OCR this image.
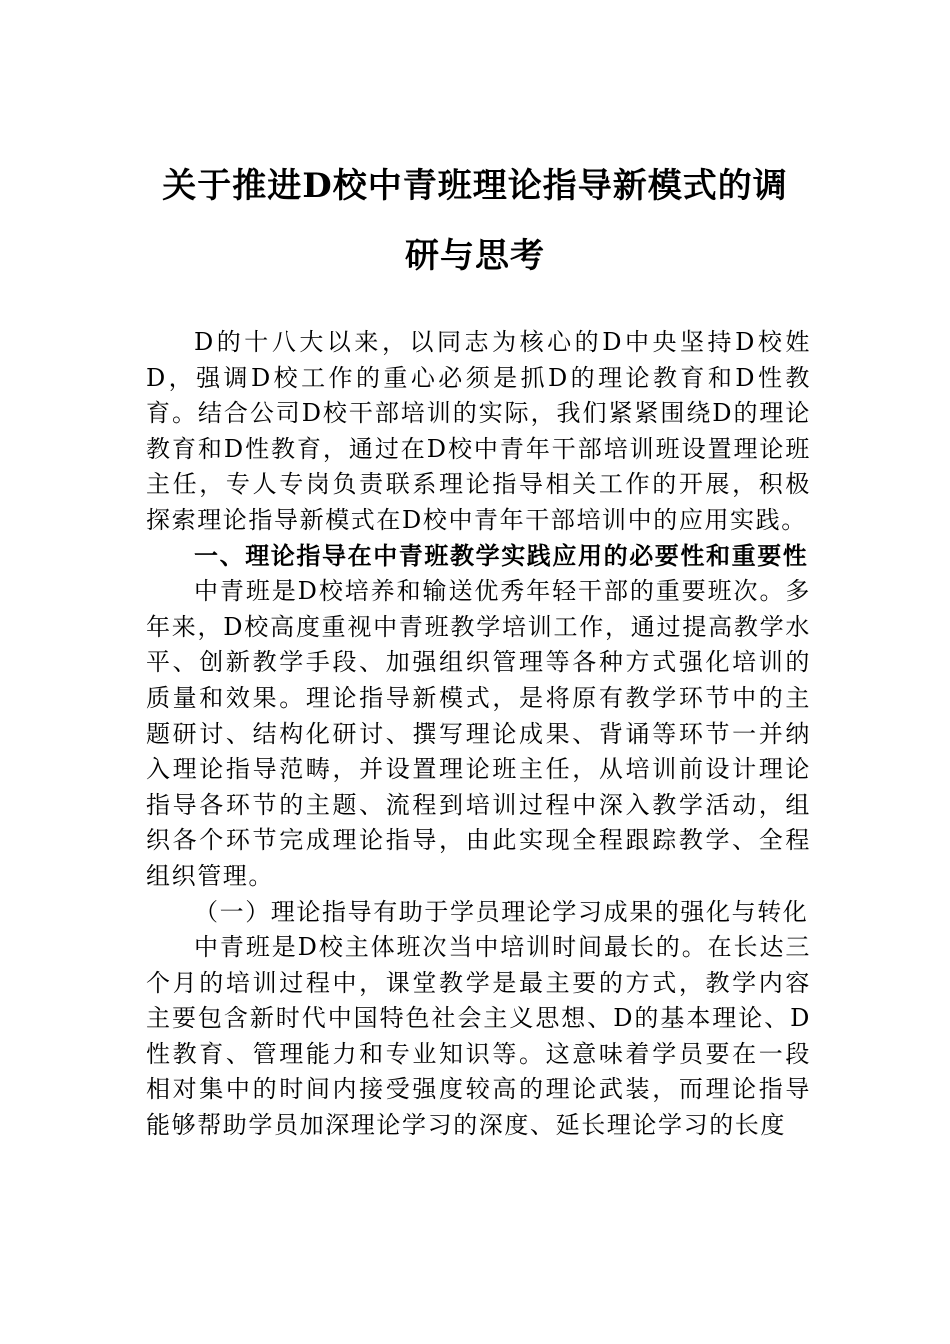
关于推进D校中青班理论指导新模式的调
研与思考

D的十八大以来，以同志为核心的D中央坚持D校姓D，强调D校工作的重心必须是抓D的理论教育和D性教育。结合公司D校干部培训的实际，我们紧紧围绕D的理论教育和D性教育，通过在D校中青年干部培训班设置理论班主任，专人专岗负责联系理论指导相关工作的开展，积极探索理论指导新模式在D校中青年干部培训中的应用实践。

一、理论指导在中青班教学实践应用的必要性和重要性

中青班是D校培养和输送优秀年轻干部的重要班次。多年来，D校高度重视中青班教学培训工作，通过提高教学水平、创新教学手段、加强组织管理等各种方式强化培训的质量和效果。理论指导新模式，是将原有教学环节中的主题研讨、结构化研讨、撰写理论成果、背诵等环节一并纳入理论指导范畴，并设置理论班主任，从培训前设计理论指导各环节的主题、流程到培训过程中深入教学活动，组织各个环节完成理论指导，由此实现全程跟踪教学、全程组织管理。

（一）理论指导有助于学员理论学习成果的强化与转化

中青班是D校主体班次当中培训时间最长的。在长达三个月的培训过程中，课堂教学是最主要的方式，教学内容主要包含新时代中国特色社会主义思想、D的基本理论、D性教育、管理能力和专业知识等。这意味着学员要在一段相对集中的时间内接受强度较高的理论武装，而理论指导能够帮助学员加深理论学习的深度、延长理论学习的长度
